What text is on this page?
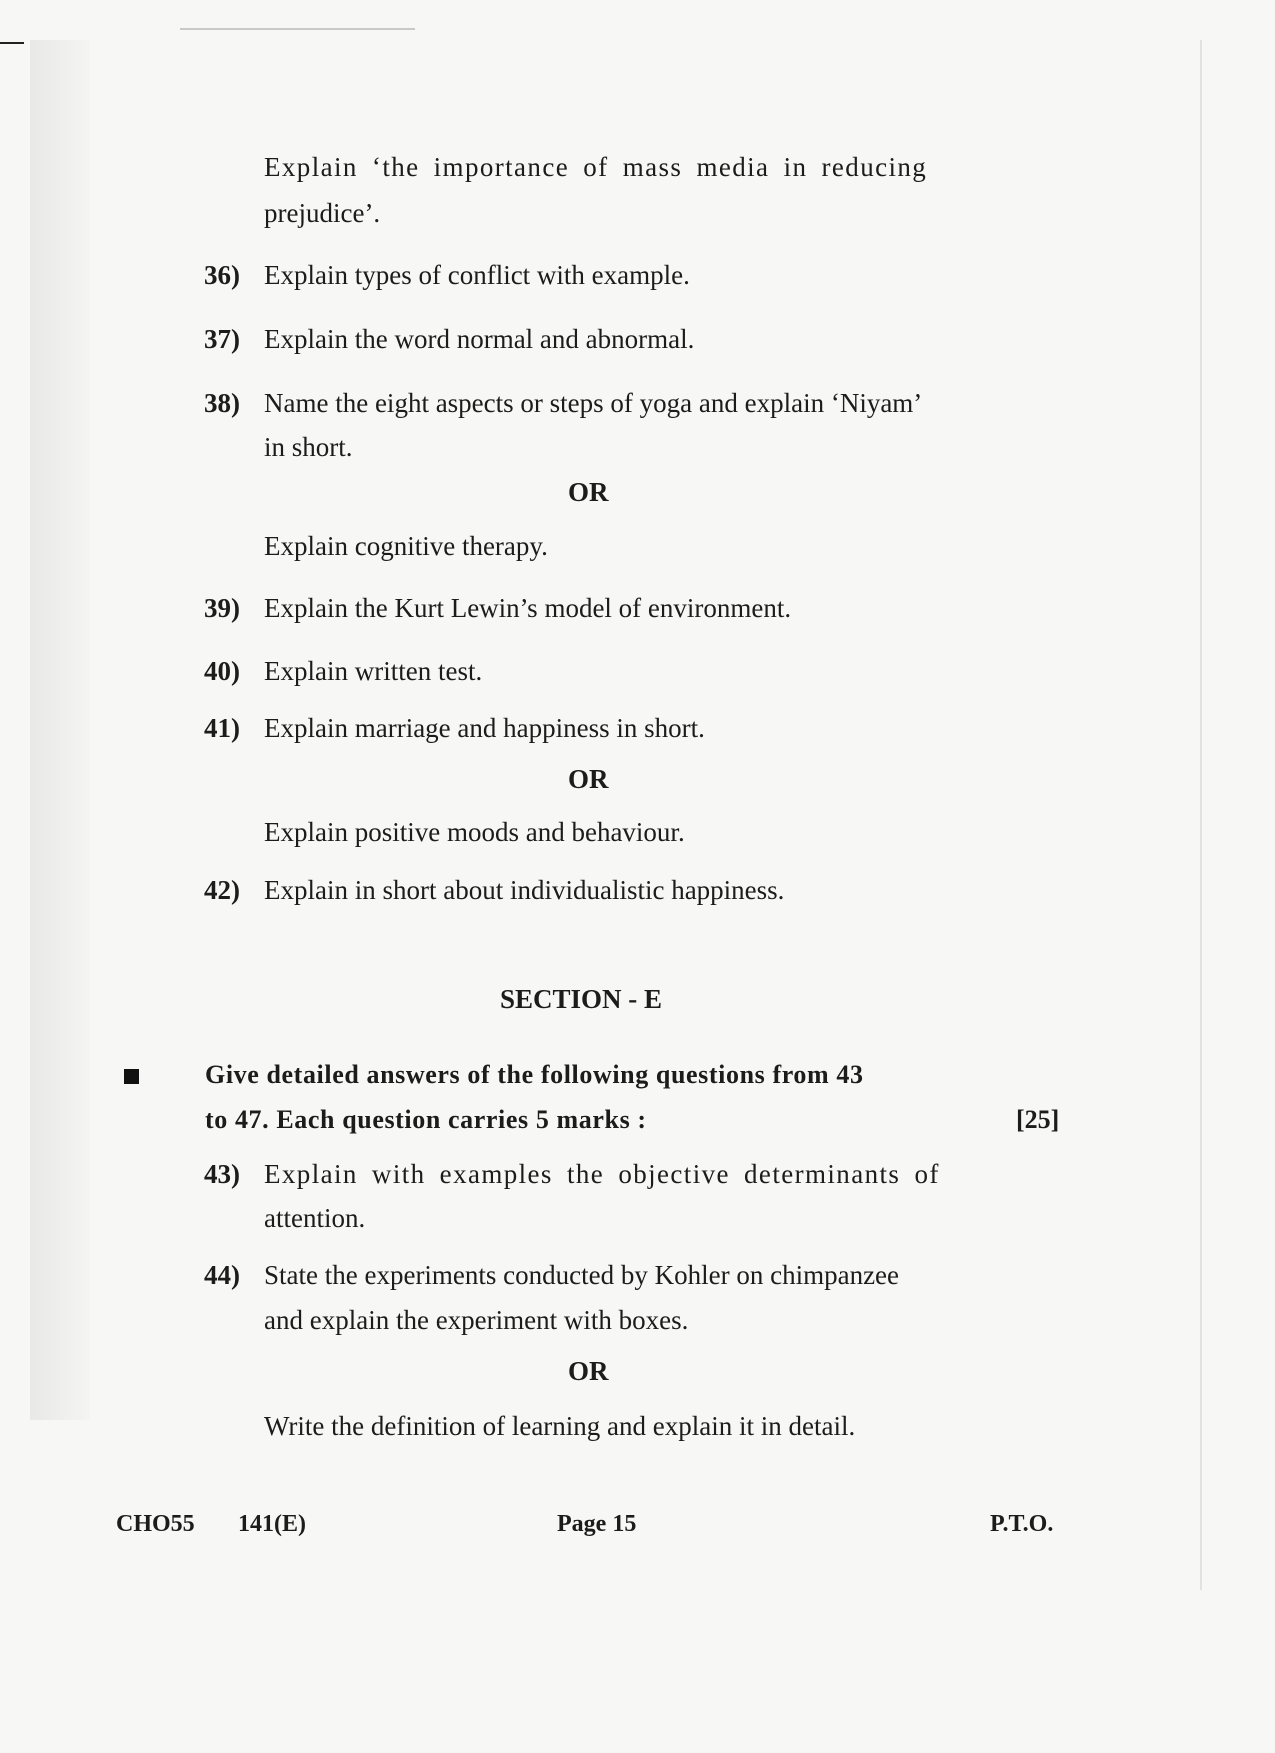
Explain ‘the importance of mass media in reducing
prejudice’.
36) Explain types of conflict with example.
37) Explain the word normal and abnormal.
38) Name the eight aspects or steps of yoga and explain ‘Niyam’
in short.
OR
Explain cognitive therapy.
39) Explain the Kurt Lewin’s model of environment.
40) Explain written test.
41) Explain marriage and happiness in short.
OR
Explain positive moods and behaviour.
42) Explain in short about individualistic happiness.
SECTION - E
Give detailed answers of the following questions from 43
to 47. Each question carries 5 marks :	[25]
43) Explain with examples the objective determinants of
attention.
44) State the experiments conducted by Kohler on chimpanzee
and explain the experiment with boxes.
OR
Write the definition of learning and explain it in detail.
CHO55 141(E)	Page 15	P.T.O.
